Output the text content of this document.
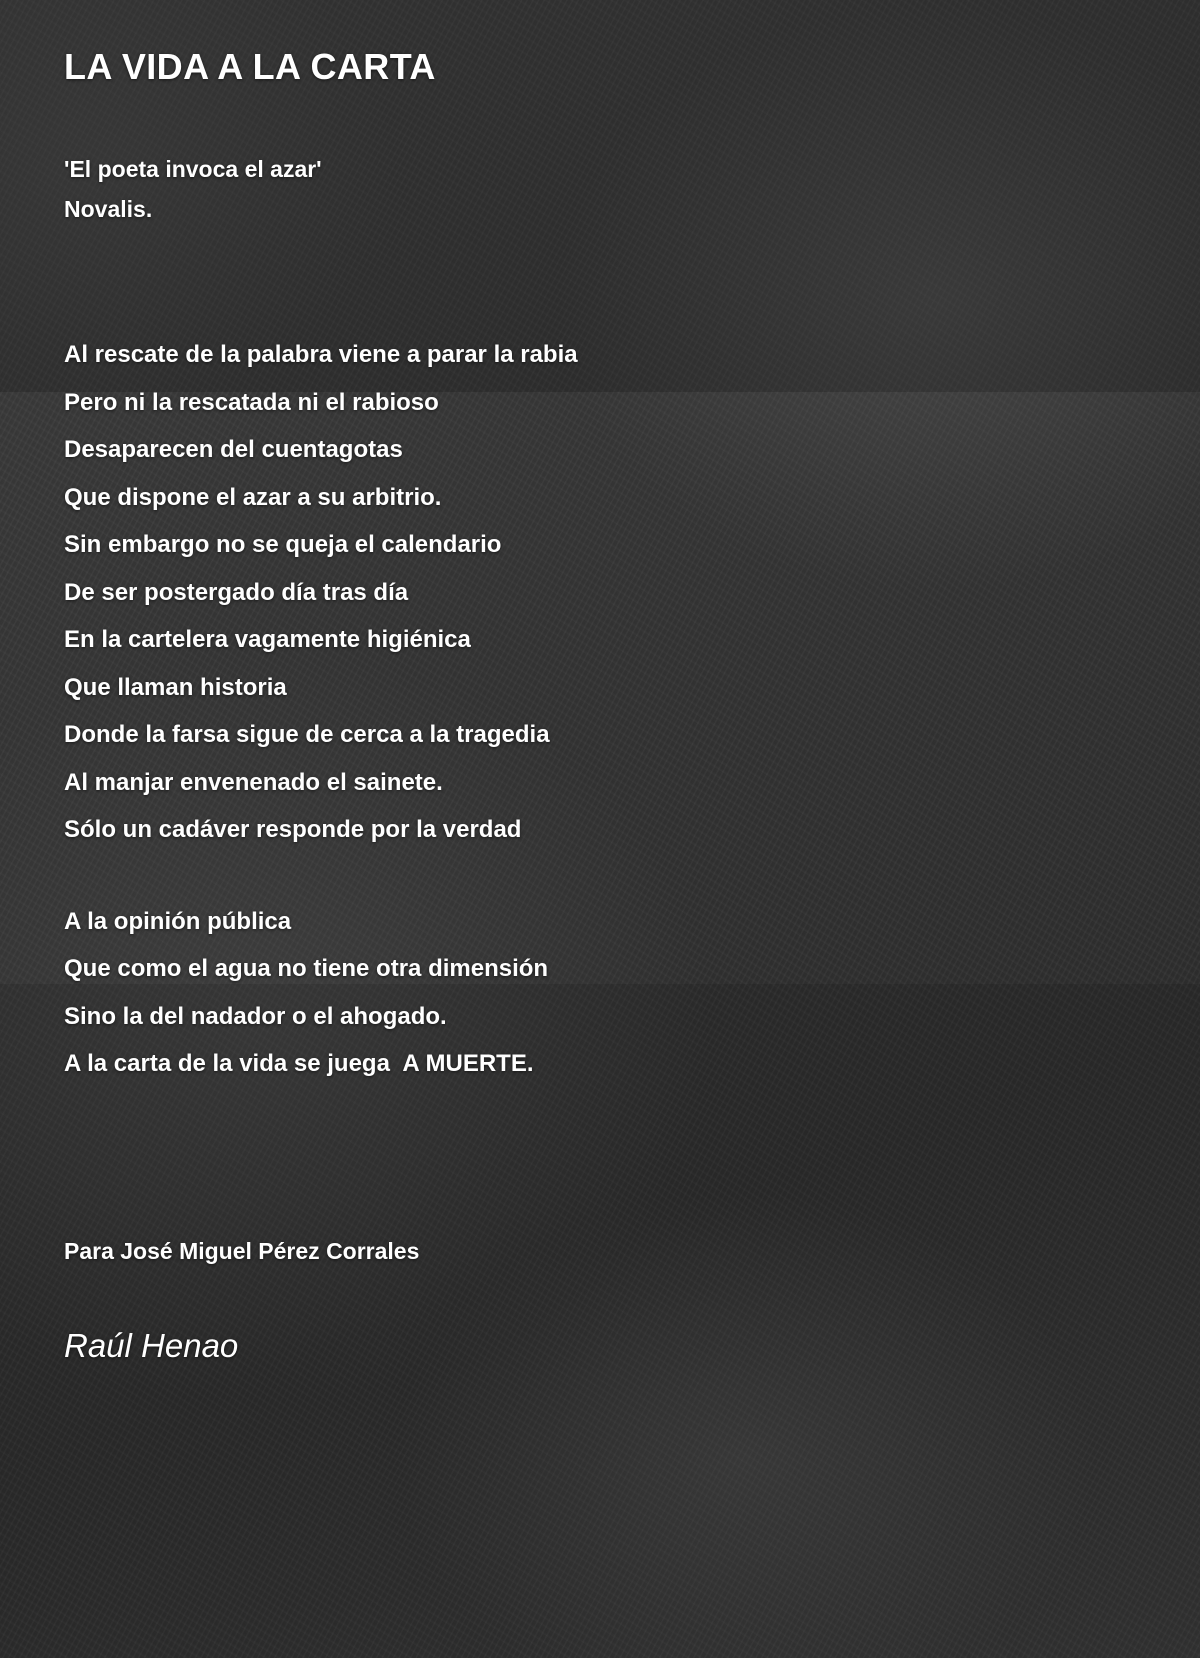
LA VIDA A LA CARTA
'El poeta invoca el azar'
Novalis.
Al rescate de la palabra viene a parar la rabia
Pero ni la rescatada ni el rabioso
Desaparecen del cuentagotas
Que dispone el azar a su arbitrio.
Sin embargo no se queja el calendario
De ser postergado día tras día
En la cartelera vagamente higiénica
Que llaman historia
Donde la farsa sigue de cerca a la tragedia
Al manjar envenenado el sainete.
Sólo un cadáver responde por la verdad
A la opinión pública
Que como el agua no tiene otra dimensión
Sino la del nadador o el ahogado.
A la carta de la vida se juega  A MUERTE.
Para José Miguel Pérez Corrales
Raúl Henao
